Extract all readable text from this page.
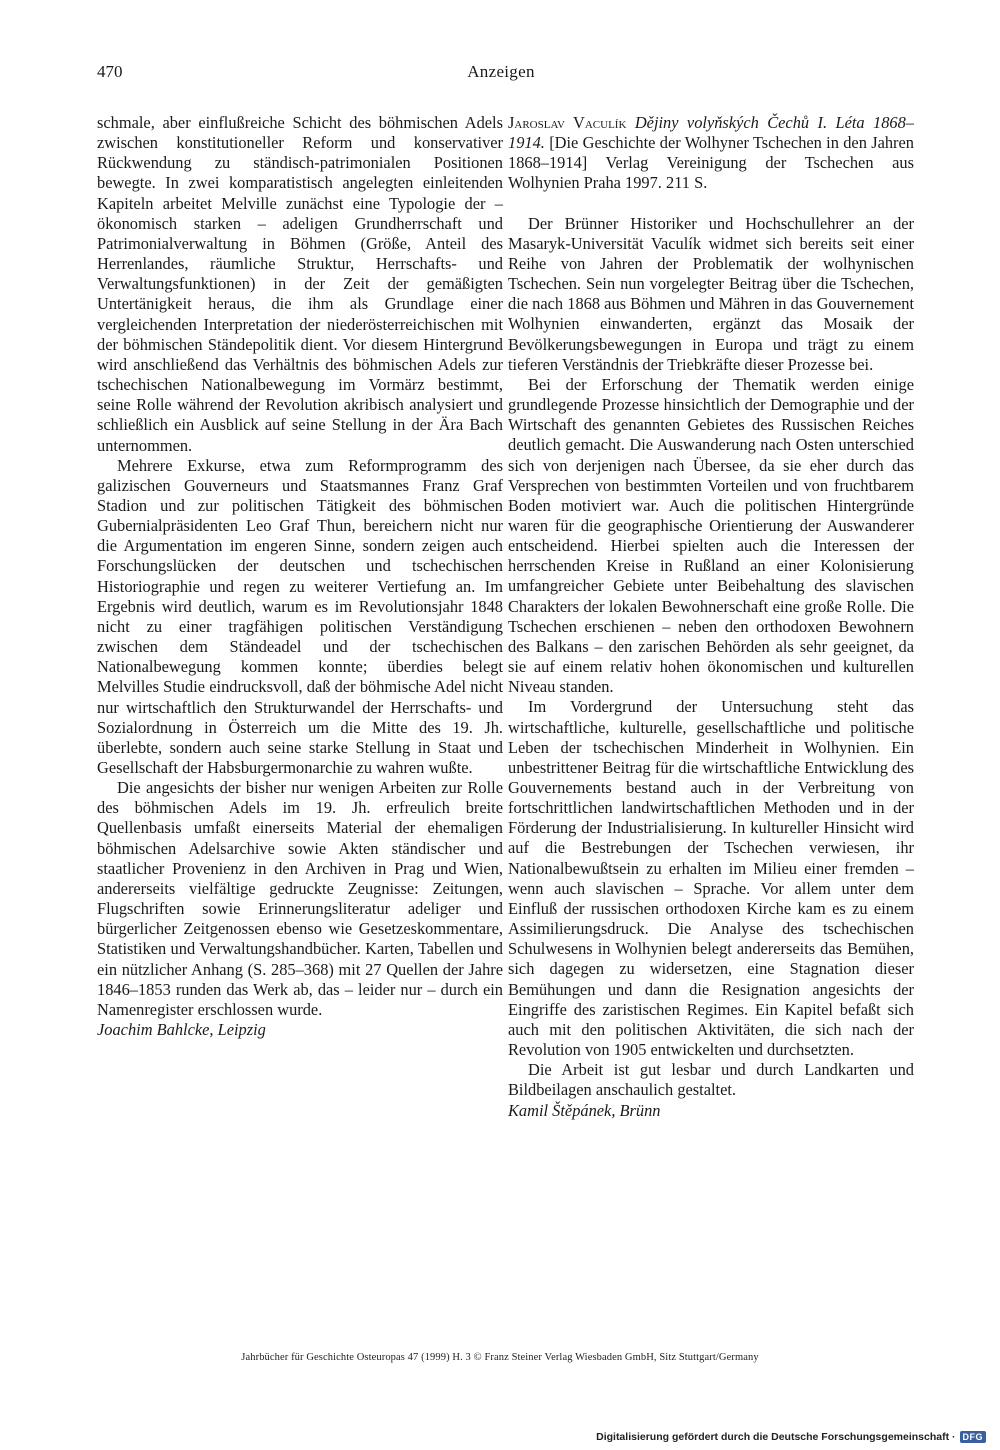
470	Anzeigen

schmale, aber einflußreiche Schicht des böhmischen Adels zwischen konstitutioneller Reform und konservativer Rückwendung zu ständisch-patrimonialen Positionen bewegte. In zwei komparatistisch angelegten einleitenden Kapiteln arbeitet Melville zunächst eine Typologie der – ökonomisch starken – adeligen Grundherrschaft und Patrimonialverwaltung in Böhmen (Größe, Anteil des Herrenlandes, räumliche Struktur, Herrschafts- und Verwaltungsfunktionen) in der Zeit der gemäßigten Untertänigkeit heraus, die ihm als Grundlage einer vergleichenden Interpretation der niederösterreichischen mit der böhmischen Ständepolitik dient. Vor diesem Hintergrund wird anschließend das Verhältnis des böhmischen Adels zur tschechischen Nationalbewegung im Vormärz bestimmt, seine Rolle während der Revolution akribisch analysiert und schließlich ein Ausblick auf seine Stellung in der Ära Bach unternommen.

Mehrere Exkurse, etwa zum Reformprogramm des galizischen Gouverneurs und Staatsmannes Franz Graf Stadion und zur politischen Tätigkeit des böhmischen Gubernialpräsidenten Leo Graf Thun, bereichern nicht nur die Argumentation im engeren Sinne, sondern zeigen auch Forschungslücken der deutschen und tschechischen Historiographie und regen zu weiterer Vertiefung an. Im Ergebnis wird deutlich, warum es im Revolutionsjahr 1848 nicht zu einer tragfähigen politischen Verständigung zwischen dem Ständeadel und der tschechischen Nationalbewegung kommen konnte; überdies belegt Melvilles Studie eindrucksvoll, daß der böhmische Adel nicht nur wirtschaftlich den Strukturwandel der Herrschafts- und Sozialordnung in Österreich um die Mitte des 19. Jh. überlebte, sondern auch seine starke Stellung in Staat und Gesellschaft der Habsburgermonarchie zu wahren wußte.

Die angesichts der bisher nur wenigen Arbeiten zur Rolle des böhmischen Adels im 19. Jh. erfreulich breite Quellenbasis umfaßt einerseits Material der ehemaligen böhmischen Adelsarchive sowie Akten ständischer und staatlicher Provenienz in den Archiven in Prag und Wien, andererseits vielfältige gedruckte Zeugnisse: Zeitungen, Flugschriften sowie Erinnerungsliteratur adeliger und bürgerlicher Zeitgenossen ebenso wie Gesetzeskommentare, Statistiken und Verwaltungshandbücher. Karten, Tabellen und ein nützlicher Anhang (S. 285–368) mit 27 Quellen der Jahre 1846–1853 runden das Werk ab, das – leider nur – durch ein Namenregister erschlossen wurde.

Joachim Bahlcke, Leipzig

Jaroslav Vaculík Dějiny volyňských Čechů I. Léta 1868–1914. [Die Geschichte der Wolhyner Tschechen in den Jahren 1868–1914] Verlag Vereinigung der Tschechen aus Wolhynien Praha 1997. 211 S.

Der Brünner Historiker und Hochschullehrer an der Masaryk-Universität Vaculík widmet sich bereits seit einer Reihe von Jahren der Problematik der wolhynischen Tschechen. Sein nun vorgelegter Beitrag über die Tschechen, die nach 1868 aus Böhmen und Mähren in das Gouvernement Wolhynien einwanderten, ergänzt das Mosaik der Bevölkerungsbewegungen in Europa und trägt zu einem tieferen Verständnis der Triebkräfte dieser Prozesse bei.

Bei der Erforschung der Thematik werden einige grundlegende Prozesse hinsichtlich der Demographie und der Wirtschaft des genannten Gebietes des Russischen Reiches deutlich gemacht. Die Auswanderung nach Osten unterschied sich von derjenigen nach Übersee, da sie eher durch das Versprechen von bestimmten Vorteilen und von fruchtbarem Boden motiviert war. Auch die politischen Hintergründe waren für die geographische Orientierung der Auswanderer entscheidend. Hierbei spielten auch die Interessen der herrschenden Kreise in Rußland an einer Kolonisierung umfangreicher Gebiete unter Beibehaltung des slavischen Charakters der lokalen Bewohnerschaft eine große Rolle. Die Tschechen erschienen – neben den orthodoxen Bewohnern des Balkans – den zarischen Behörden als sehr geeignet, da sie auf einem relativ hohen ökonomischen und kulturellen Niveau standen.

Im Vordergrund der Untersuchung steht das wirtschaftliche, kulturelle, gesellschaftliche und politische Leben der tschechischen Minderheit in Wolhynien. Ein unbestrittener Beitrag für die wirtschaftliche Entwicklung des Gouvernements bestand auch in der Verbreitung von fortschrittlichen landwirtschaftlichen Methoden und in der Förderung der Industrialisierung. In kultureller Hinsicht wird auf die Bestrebungen der Tschechen verwiesen, ihr Nationalbewußtsein zu erhalten im Milieu einer fremden – wenn auch slavischen – Sprache. Vor allem unter dem Einfluß der russischen orthodoxen Kirche kam es zu einem Assimilierungsdruck. Die Analyse des tschechischen Schulwesens in Wolhynien belegt andererseits das Bemühen, sich dagegen zu widersetzen, eine Stagnation dieser Bemühungen und dann die Resignation angesichts der Eingriffe des zaristischen Regimes. Ein Kapitel befaßt sich auch mit den politischen Aktivitäten, die sich nach der Revolution von 1905 entwickelten und durchsetzten.

Die Arbeit ist gut lesbar und durch Landkarten und Bildbeilagen anschaulich gestaltet.

Kamil Štěpánek, Brünn

Jahrbücher für Geschichte Osteuropas 47 (1999) H. 3 © Franz Steiner Verlag Wiesbaden GmbH, Sitz Stuttgart/Germany
Digitalisierung gefördert durch die Deutsche Forschungsgemeinschaft · DFG
